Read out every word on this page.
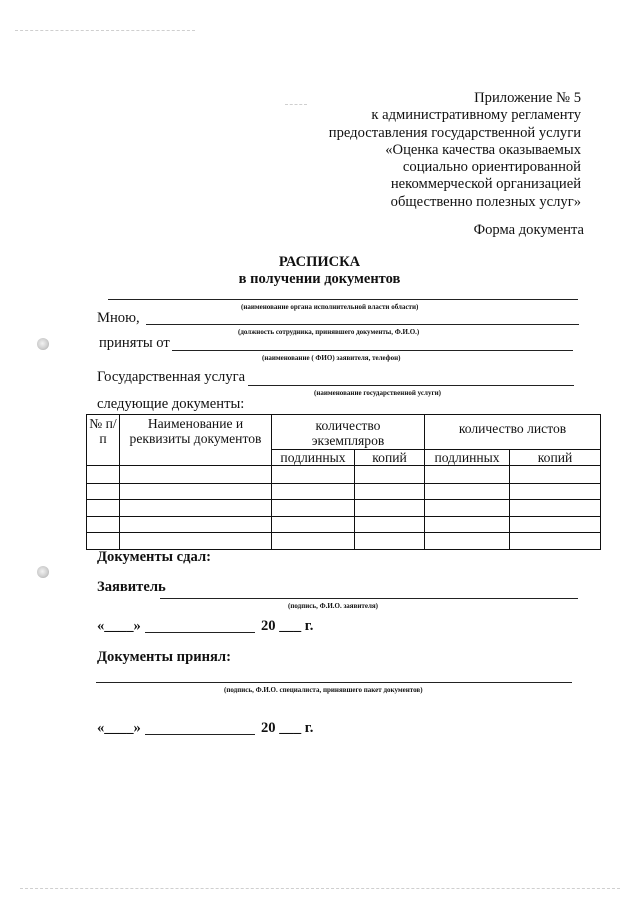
Приложение № 5
к административному регламенту
предоставления государственной услуги
«Оценка качества оказываемых
социально ориентированной
некоммерческой организацией
общественно полезных услуг»
Форма документа
РАСПИСКА
в получении документов
(наименование органа исполнительной власти области)
Мною,
(должность сотрудника, принявшего документы, Ф.И.О.)
приняты от
(наименование ( ФИО) заявителя, телефон)
Государственная услуга
(наименование государственной услуги)
следующие документы:
№ п/п	Наименование и реквизиты документов	количество экземпляров		количество листов	
		подлинных	копий	подлинных	копий

Документы сдал:
Заявитель
(подпись, Ф.И.О. заявителя)
«____»	20 ___ г.
Документы принял:
(подпись, Ф.И.О. специалиста, принявшего пакет документов)
«____»	20 ___ г.
